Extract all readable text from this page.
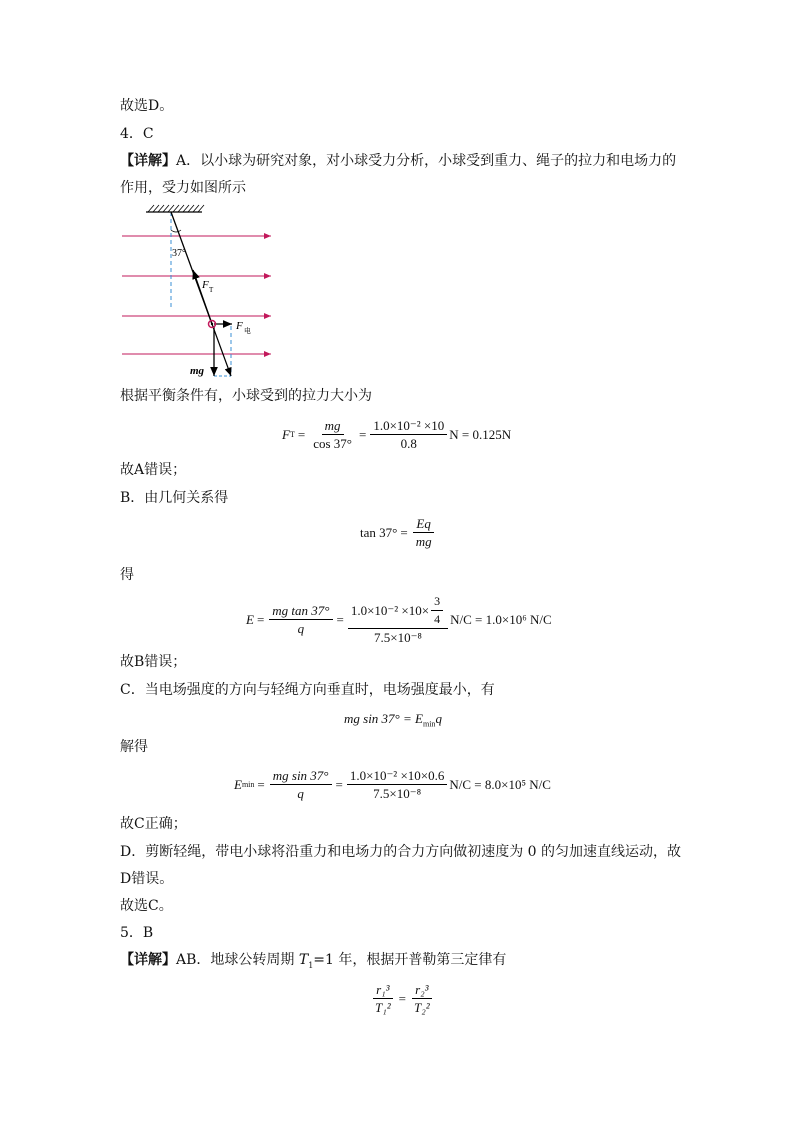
故选D。
4．C
【详解】A．以小球为研究对象，对小球受力分析，小球受到重力、绳子的拉力和电场力的
作用，受力如图所示
37°
F T
F 电
mg
根据平衡条件有，小球受到的拉力大小为
F $T = \frac{mg}{\cos 37^\circ} = \frac{\text{1.0×10⁻² ×10}}{0.8}$ N = 0.125N
故A错误；
B．由几何关系得
$\tan 37^\circ = \frac{Eq}{mg}$
得
$E = \frac{\text{mg tan 37°}}{q} = \frac{1.0\times 10^{-2} \times 10\times \frac{3}{4}}{\text{7.5×10⁻⁸}} N/C = 1.0\times 10^6$ N/C
故B错误；
C．当电场强度的方向与轻绳方向垂直时，电场强度最小，有
mg $\sin 37^\circ = E_{min}q$
解得
E $\min = \frac{\text{mg sin 37°}}{q} = \frac{\text{1.0×10⁻² ×10×0.6}}{\text{7.5×10⁻⁸}} N/C = 8.0\times 10^5$ N/C
故C正确；
D．剪断轻绳，带电小球将沿重力和电场力的合力方向做初速度为 0 的匀加速直线运动，故
D错误。
故选C。
5．B
【详解】AB．地球公转周期 $T_1=1$ 年，根据开普勒第三定律有
$\frac{\text{r₁³}}{\text{T₁²}} = \frac{\text{r₂³}}{\text{T₂²}}$
